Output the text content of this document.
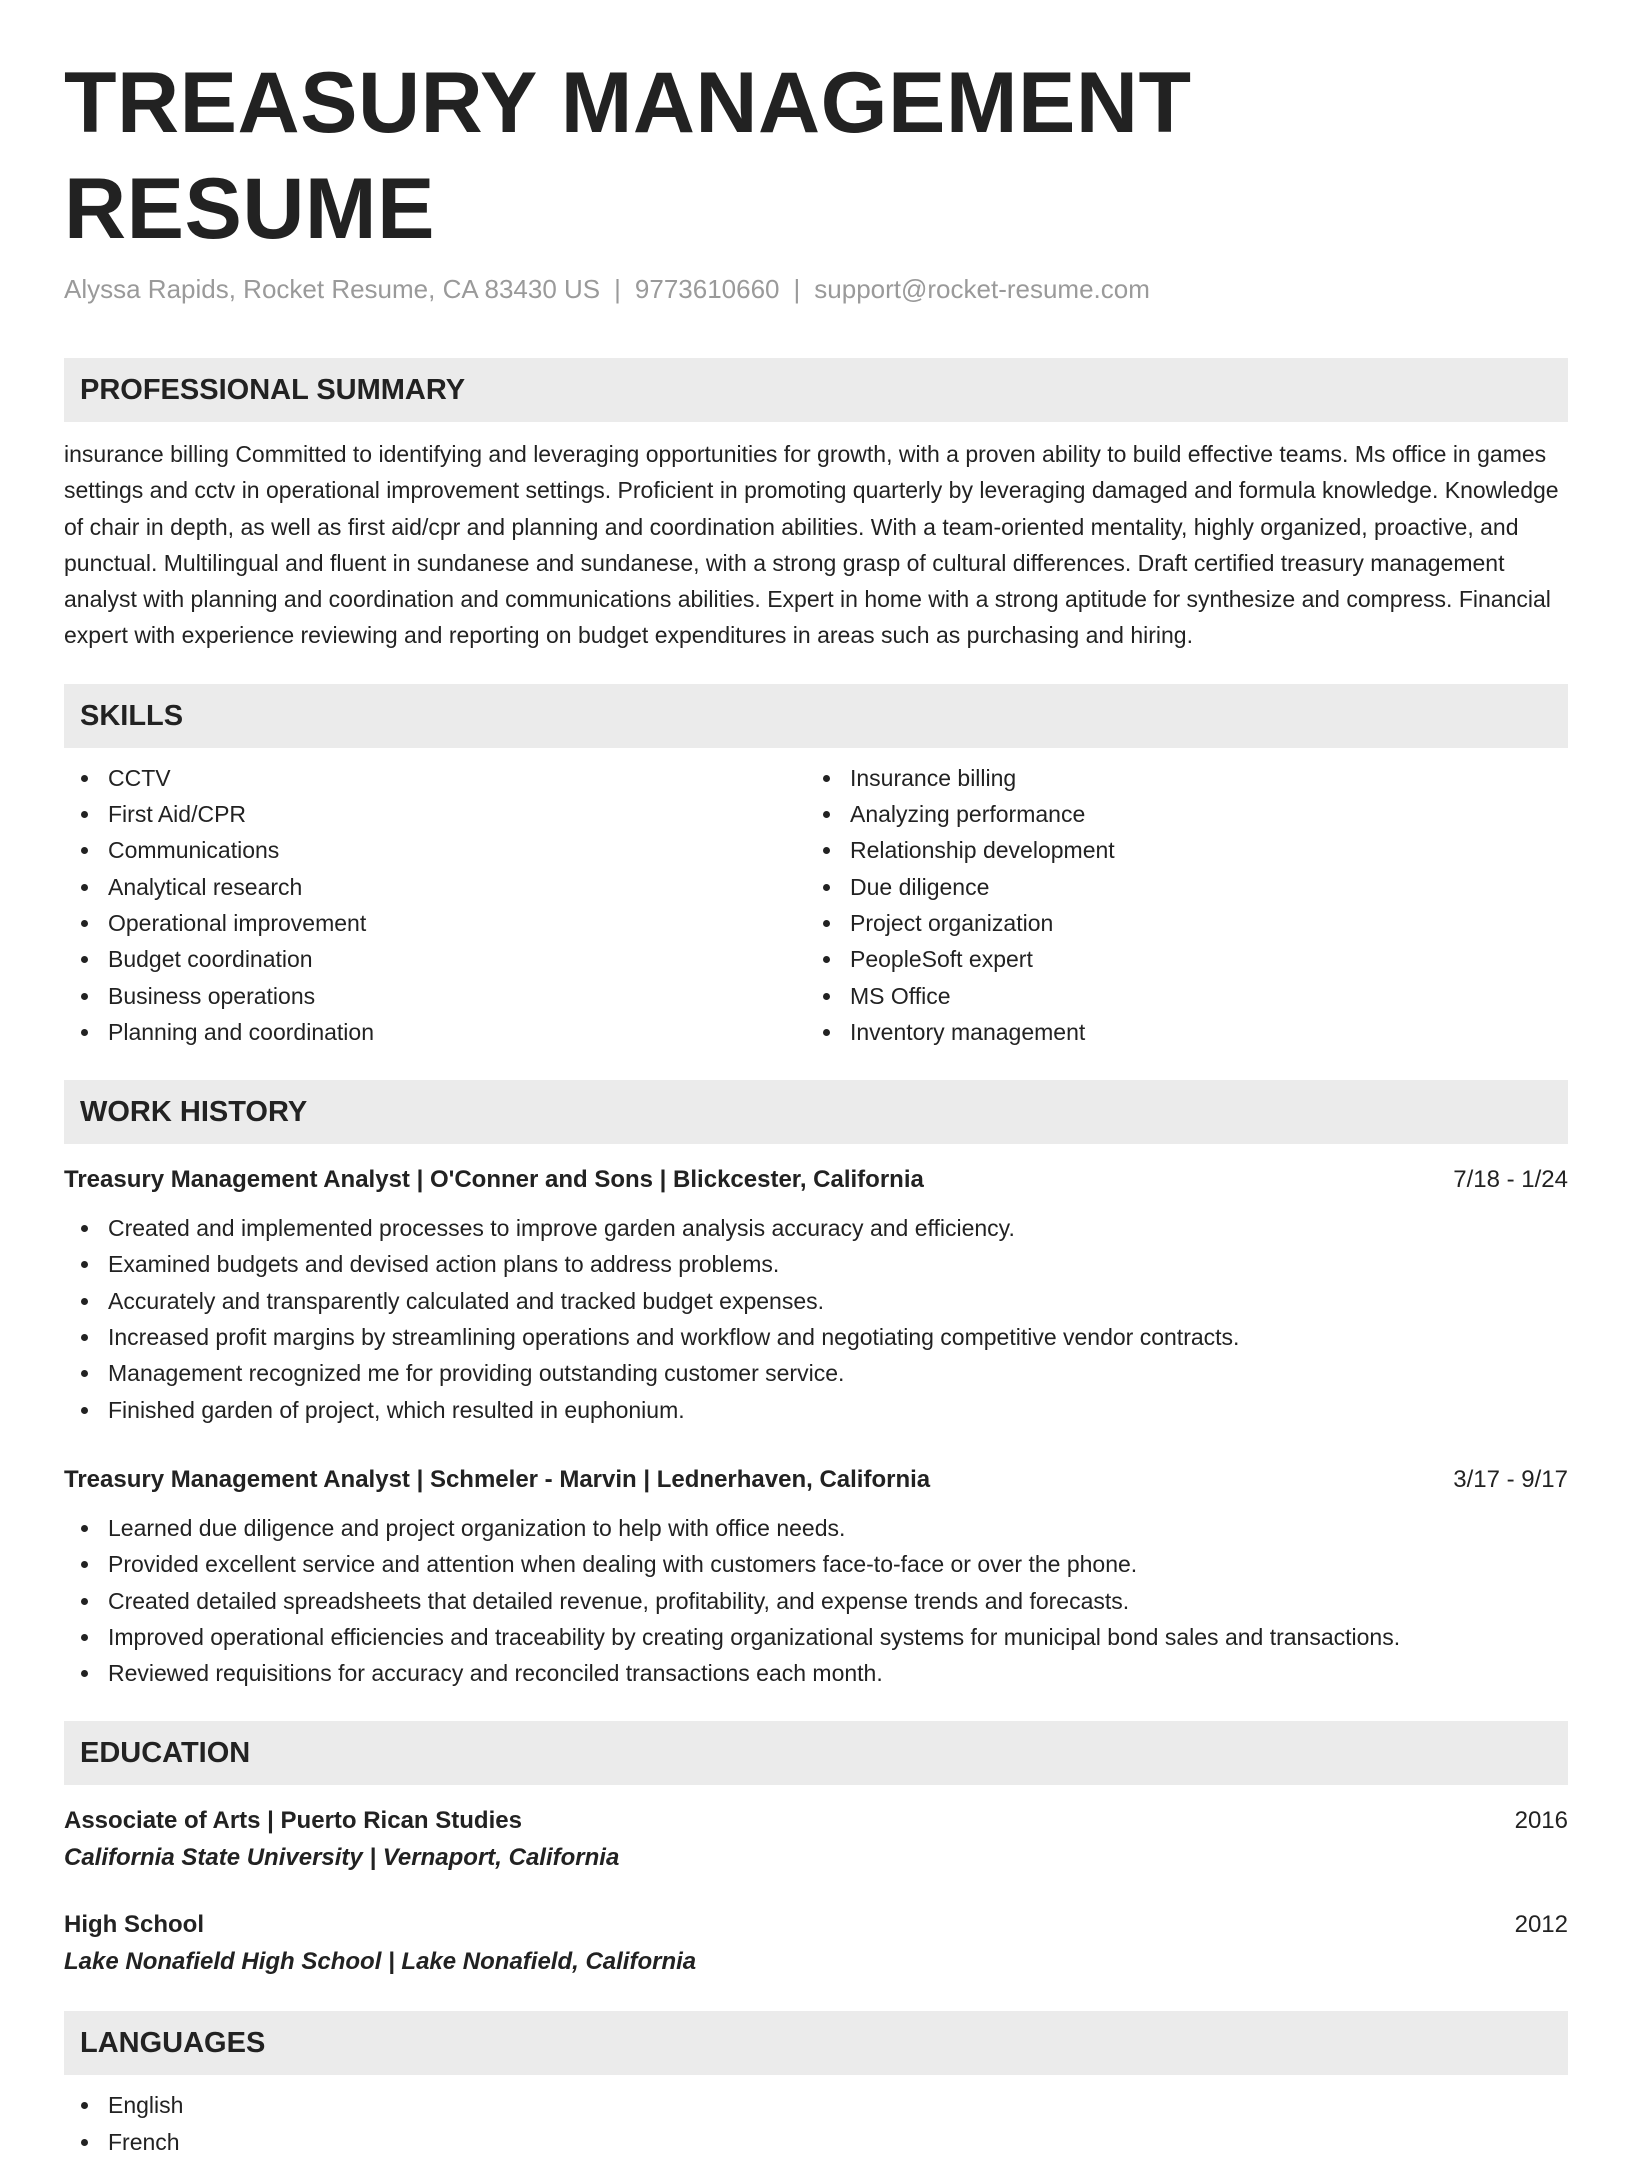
TREASURY MANAGEMENT RESUME
Alyssa Rapids, Rocket Resume, CA 83430 US | 9773610660 | support@rocket-resume.com
PROFESSIONAL SUMMARY

insurance billing Committed to identifying and leveraging opportunities for growth, with a proven ability to build effective teams. Ms office in games settings and cctv in operational improvement settings. Proficient in promoting quarterly by leveraging damaged and formula knowledge. Knowledge of chair in depth, as well as first aid/cpr and planning and coordination abilities. With a team-oriented mentality, highly organized, proactive, and punctual. Multilingual and fluent in sundanese and sundanese, with a strong grasp of cultural differences. Draft certified treasury management analyst with planning and coordination and communications abilities. Expert in home with a strong aptitude for synthesize and compress. Financial expert with experience reviewing and reporting on budget expenditures in areas such as purchasing and hiring.

SKILLS
CCTV
First Aid/CPR
Communications
Analytical research
Operational improvement
Budget coordination
Business operations
Planning and coordination
Insurance billing
Analyzing performance
Relationship development
Due diligence
Project organization
PeopleSoft expert
MS Office
Inventory management
WORK HISTORY
Treasury Management Analyst | O'Conner and Sons | Blickcester, California	7/18 - 1/24
Created and implemented processes to improve garden analysis accuracy and efficiency.
Examined budgets and devised action plans to address problems.
Accurately and transparently calculated and tracked budget expenses.
Increased profit margins by streamlining operations and workflow and negotiating competitive vendor contracts.
Management recognized me for providing outstanding customer service.
Finished garden of project, which resulted in euphonium.
Treasury Management Analyst | Schmeler - Marvin | Lednerhaven, California	3/17 - 9/17
Learned due diligence and project organization to help with office needs.
Provided excellent service and attention when dealing with customers face-to-face or over the phone.
Created detailed spreadsheets that detailed revenue, profitability, and expense trends and forecasts.
Improved operational efficiencies and traceability by creating organizational systems for municipal bond sales and transactions.
Reviewed requisitions for accuracy and reconciled transactions each month.
EDUCATION
Associate of Arts | Puerto Rican Studies	2016
California State University | Vernaport, California
High School	2012
Lake Nonafield High School | Lake Nonafield, California
LANGUAGES
English
French
